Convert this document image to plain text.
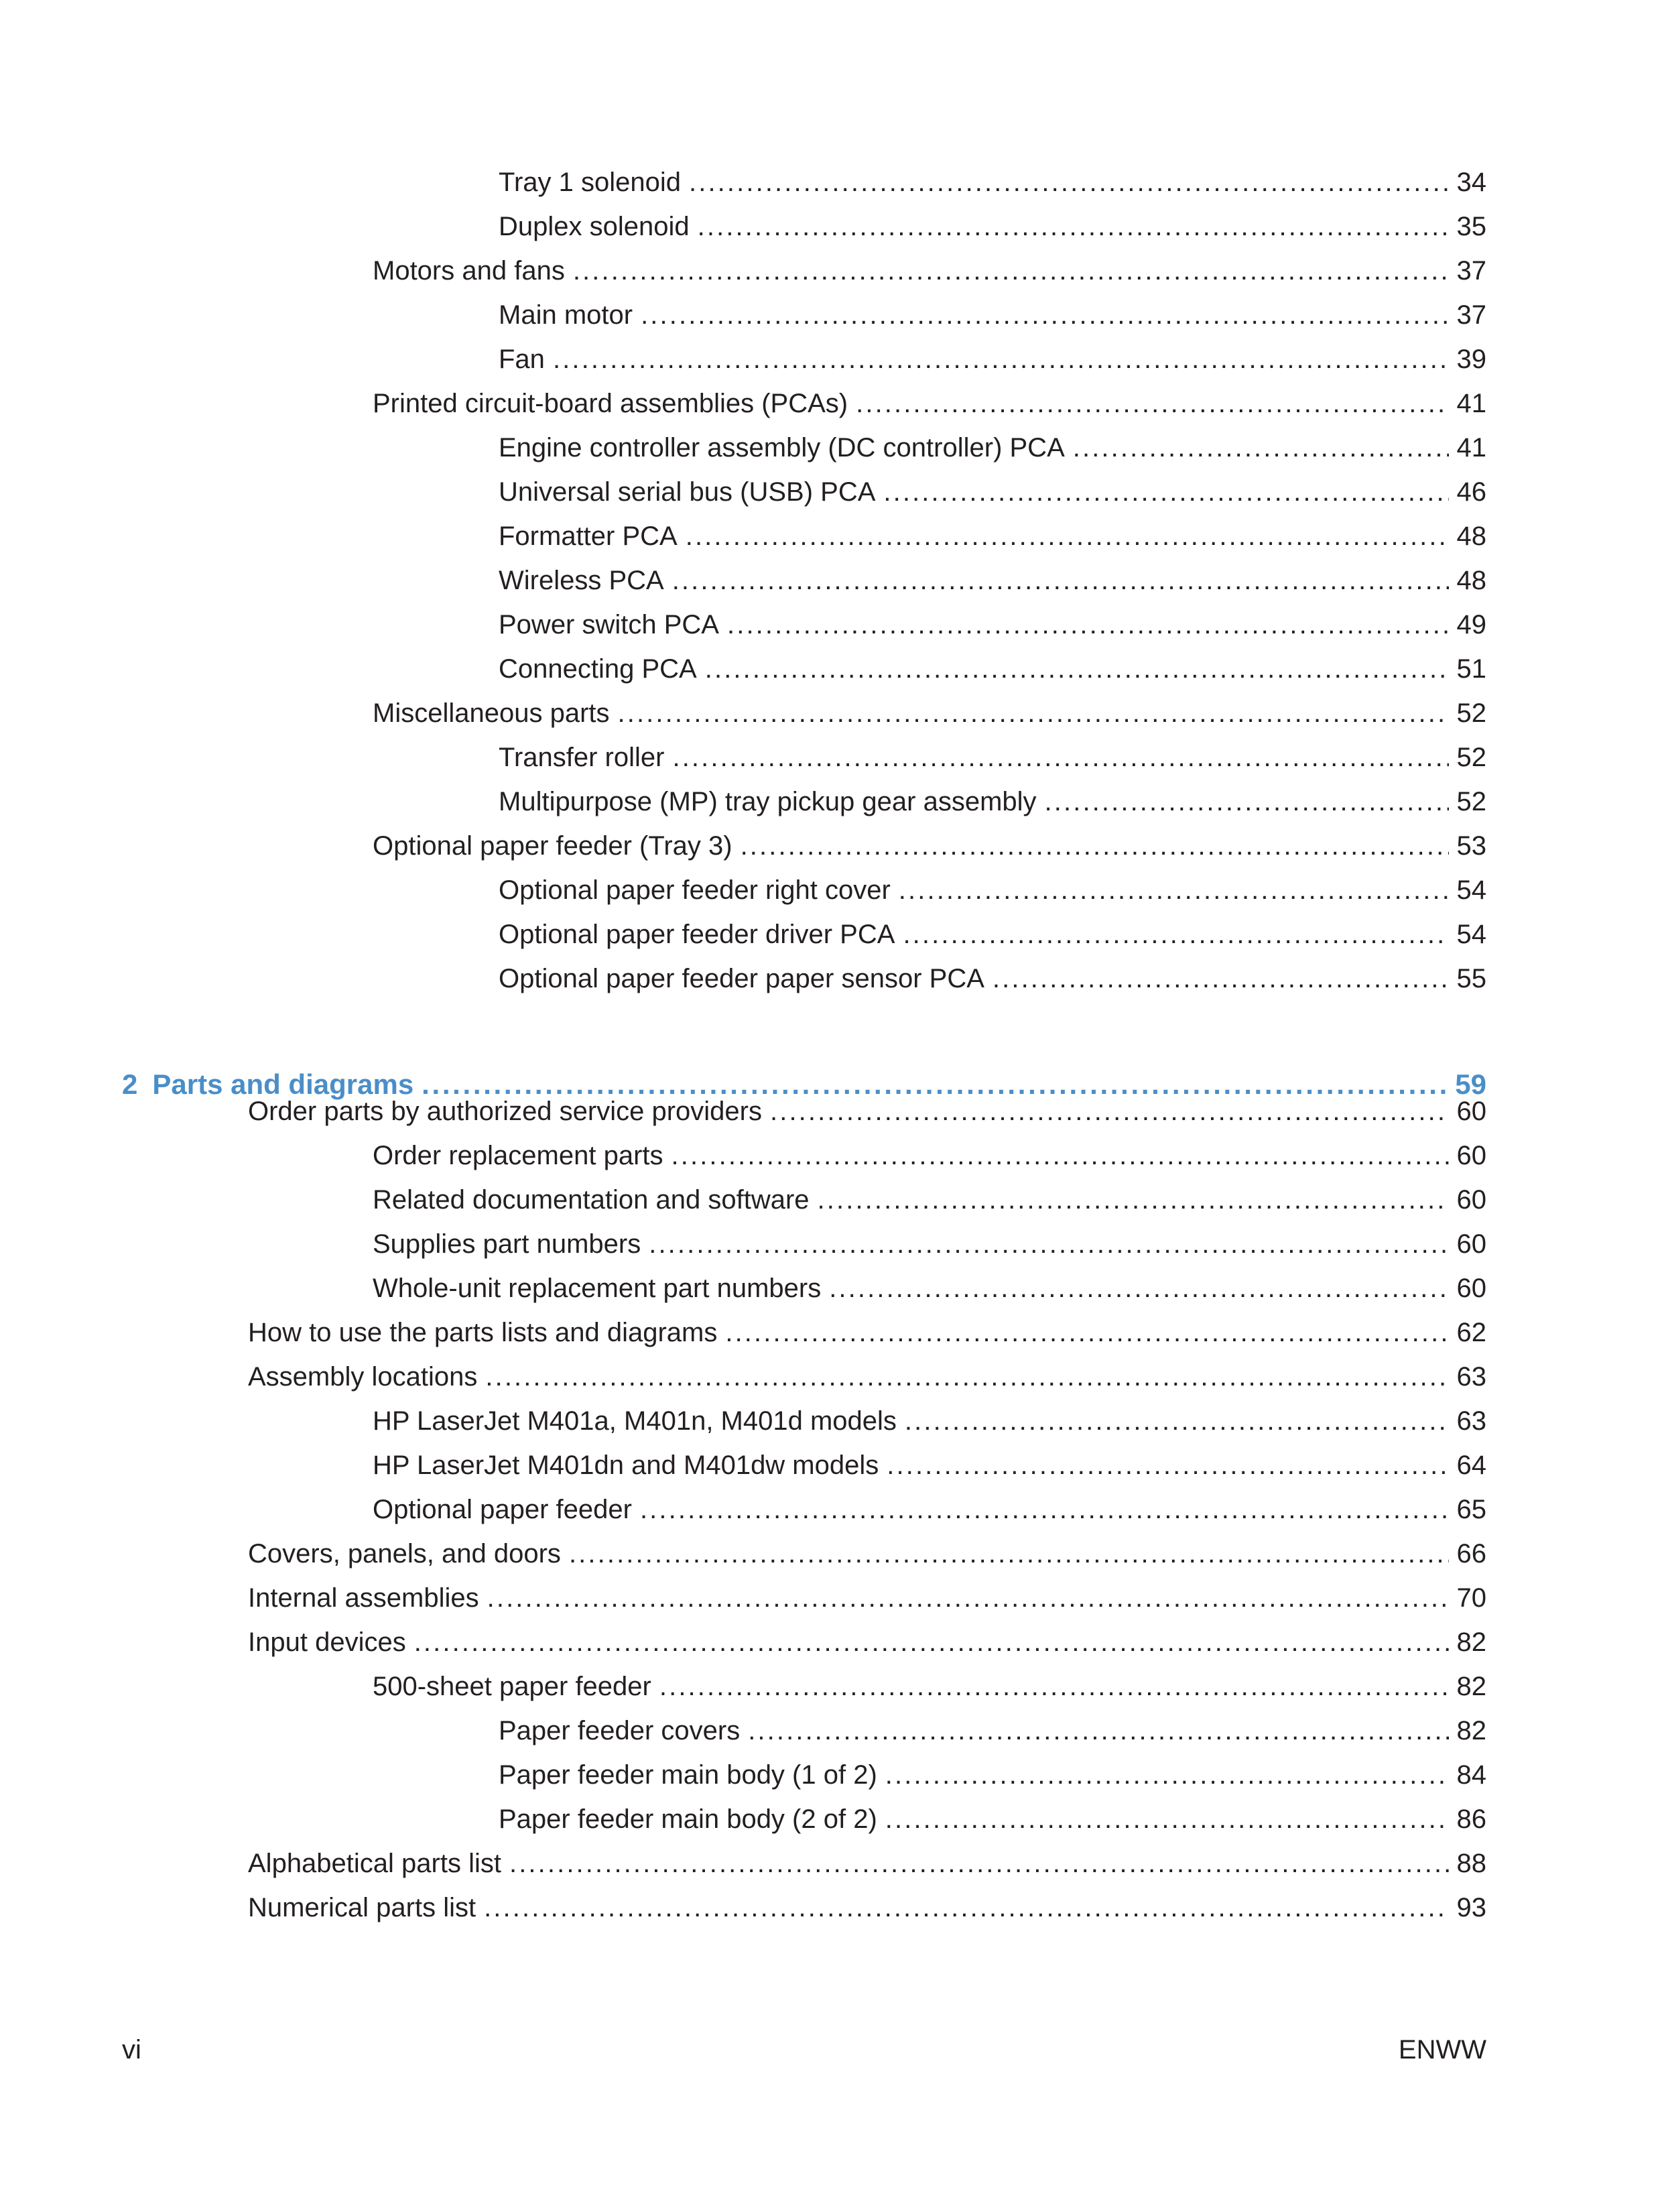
Tray 1 solenoid . . .	34
Duplex solenoid . . .	35
Motors and fans . . .	37
Main motor . . .	37
Fan . . .	39
Printed circuit-board assemblies (PCAs) . . .	41
Engine controller assembly (DC controller) PCA . . .	41
Universal serial bus (USB) PCA . . .	46
Formatter PCA . . .	48
Wireless PCA . . .	48
Power switch PCA . . .	49
Connecting PCA . . .	51
Miscellaneous parts . . .	52
Transfer roller . . .	52
Multipurpose (MP) tray pickup gear assembly . . .	52
Optional paper feeder (Tray 3) . . .	53
Optional paper feeder right cover . . .	54
Optional paper feeder driver PCA . . .	54
Optional paper feeder paper sensor PCA . . .	55
2 Parts and diagrams . . .	59
Order parts by authorized service providers . . .	60
Order replacement parts . . .	60
Related documentation and software . . .	60
Supplies part numbers . . .	60
Whole-unit replacement part numbers . . .	60
How to use the parts lists and diagrams . . .	62
Assembly locations . . .	63
HP LaserJet M401a, M401n, M401d models . . .	63
HP LaserJet M401dn and M401dw models . . .	64
Optional paper feeder . . .	65
Covers, panels, and doors . . .	66
Internal assemblies . . .	70
Input devices . . .	82
500-sheet paper feeder . . .	82
Paper feeder covers . . .	82
Paper feeder main body (1 of 2) . . .	84
Paper feeder main body (2 of 2) . . .	86
Alphabetical parts list . . .	88
Numerical parts list . . .	93
vi	ENWW
